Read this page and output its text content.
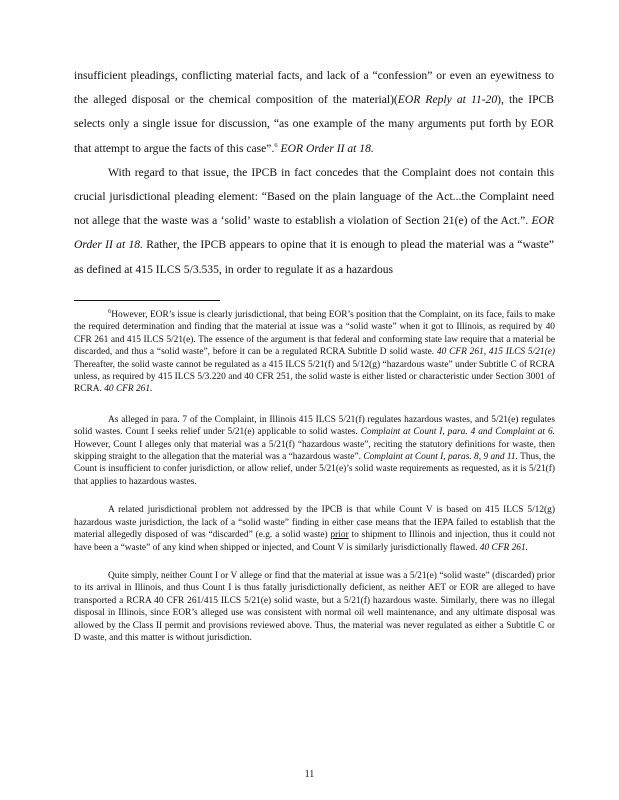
insufficient pleadings, conflicting material facts, and lack of a “confession” or even an eyewitness to the alleged disposal or the chemical composition of the material)(EOR Reply at 11-20), the IPCB selects only a single issue for discussion, “as one example of the many arguments put forth by EOR that attempt to argue the facts of this case”.$^6$ EOR Order II at 18.

With regard to that issue, the IPCB in fact concedes that the Complaint does not contain this crucial jurisdictional pleading element: “Based on the plain language of the Act...the Complaint need not allege that the waste was a ‘solid’ waste to establish a violation of Section 21(e) of the Act.”. EOR Order II at 18. Rather, the IPCB appears to opine that it is enough to plead the material was a “waste” as defined at 415 ILCS 5/3.535, in order to regulate it as a hazardous

$^6$However, EOR’s issue is clearly jurisdictional, that being EOR’s position that the Complaint, on its face, fails to make the required determination and finding that the material at issue was a “solid waste” when it got to Illinois, as required by 40 CFR 261 and 415 ILCS 5/21(e). The essence of the argument is that federal and conforming state law require that a material be discarded, and thus a “solid waste”, before it can be a regulated RCRA Subtitle D solid waste. 40 CFR 261, 415 ILCS 5/21(e) Thereafter, the solid waste cannot be regulated as a 415 ILCS 5/21(f) and 5/12(g) “hazardous waste” under Subtitle C of RCRA unless, as required by 415 ILCS 5/3.220 and 40 CFR 251, the solid waste is either listed or characteristic under Section 3001 of RCRA. 40 CFR 261.

As alleged in para. 7 of the Complaint, in Illinois 415 ILCS 5/21(f) regulates hazardous wastes, and 5/21(e) regulates solid wastes. Count I seeks relief under 5/21(e) applicable to solid wastes. Complaint at Count I, para. 4 and Complaint at 6. However, Count I alleges only that material was a 5/21(f) “hazardous waste”, reciting the statutory definitions for waste, then skipping straight to the allegation that the material was a “hazardous waste”. Complaint at Count I, paras. 8, 9 and 11. Thus, the Count is insufficient to confer jurisdiction, or allow relief, under 5/21(e)’s solid waste requirements as requested, as it is 5/21(f) that applies to hazardous wastes.

A related jurisdictional problem not addressed by the IPCB is that while Count V is based on 415 ILCS 5/12(g) hazardous waste jurisdiction, the lack of a “solid waste” finding in either case means that the IEPA failed to establish that the material allegedly disposed of was “discarded” (e.g. a solid waste) prior to shipment to Illinois and injection, thus it could not have been a “waste” of any kind when shipped or injected, and Count V is similarly jurisdictionally flawed. 40 CFR 261.

Quite simply, neither Count I or V allege or find that the material at issue was a 5/21(e) “solid waste” (discarded) prior to its arrival in Illinois, and thus Count I is thus fatally jurisdictionally deficient, as neither AET or EOR are alleged to have transported a RCRA 40 CFR 261/415 ILCS 5/21(e) solid waste, but a 5/21(f) hazardous waste. Similarly, there was no illegal disposal in Illinois, since EOR’s alleged use was consistent with normal oil well maintenance, and any ultimate disposal was allowed by the Class II permit and provisions reviewed above. Thus, the material was never regulated as either a Subtitle C or D waste, and this matter is without jurisdiction.

11
